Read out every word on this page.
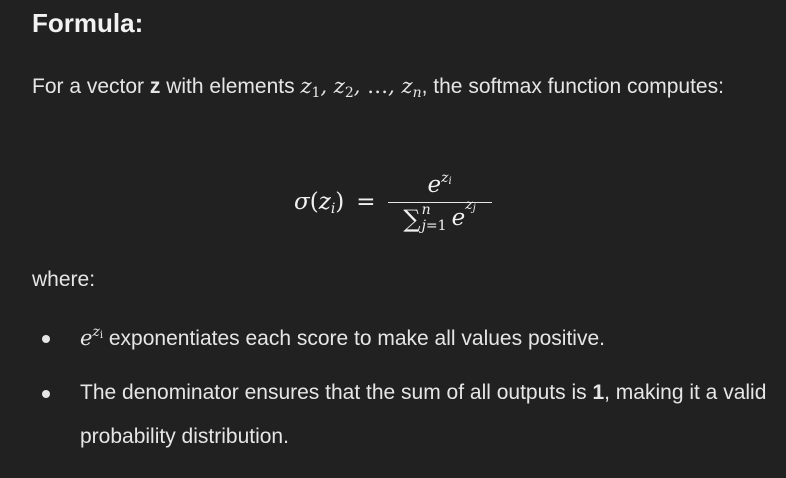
Formula:
For a vector z with elements $z_1$, $z_2$, …, $z_n$, the softmax function computes:
$\sigma(z_i) = e^{z_i}$
∑ n
j=1 e $^{z_j}$
where:
$e^{z_i}$ exponentiates each score to make all values positive.
The denominator ensures that the sum of all outputs is 1, making it a valid probability distribution.
